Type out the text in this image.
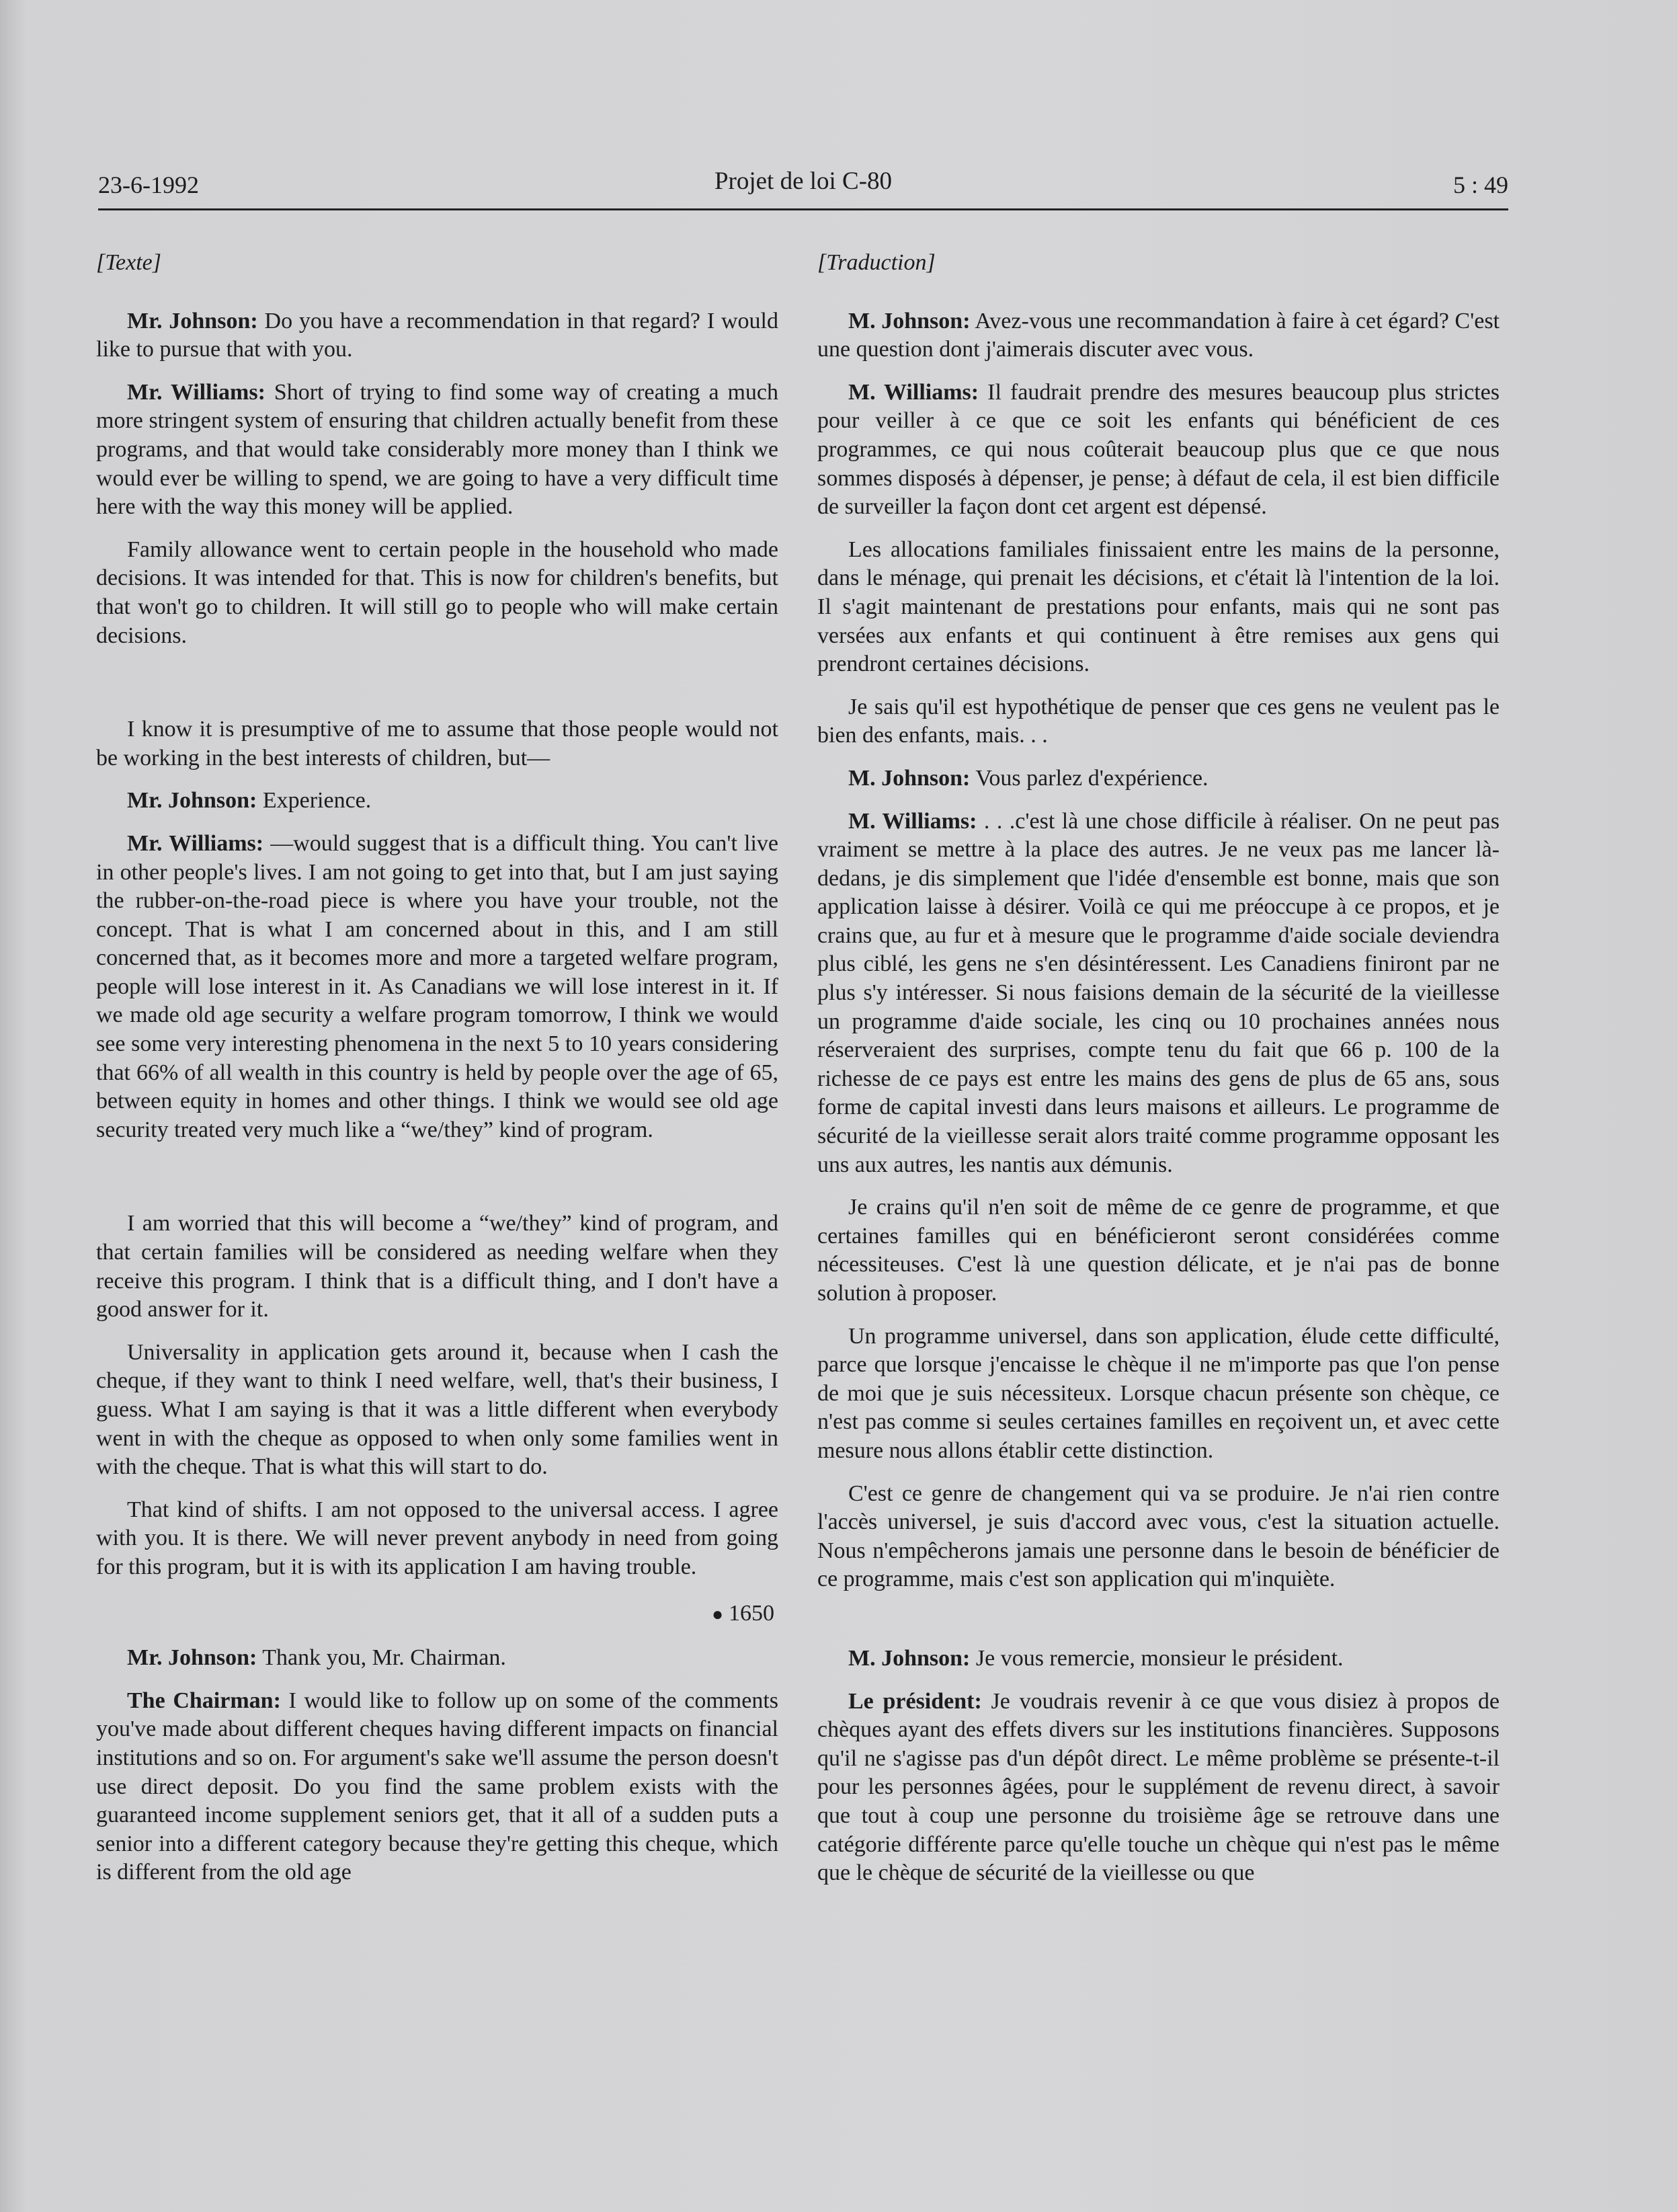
23-6-1992	Projet de loi C-80	5 : 49
[Texte]

Mr. Johnson: Do you have a recommendation in that regard? I would like to pursue that with you.

Mr. Williams: Short of trying to find some way of creating a much more stringent system of ensuring that children actually benefit from these programs, and that would take considerably more money than I think we would ever be willing to spend, we are going to have a very difficult time here with the way this money will be applied.

Family allowance went to certain people in the household who made decisions. It was intended for that. This is now for children's benefits, but that won't go to children. It will still go to people who will make certain decisions.

I know it is presumptive of me to assume that those people would not be working in the best interests of children, but—

Mr. Johnson: Experience.

Mr. Williams: —would suggest that is a difficult thing. You can't live in other people's lives. I am not going to get into that, but I am just saying the rubber-on-the-road piece is where you have your trouble, not the concept. That is what I am concerned about in this, and I am still concerned that, as it becomes more and more a targeted welfare program, people will lose interest in it. As Canadians we will lose interest in it. If we made old age security a welfare program tomorrow, I think we would see some very interesting phenomena in the next 5 to 10 years considering that 66% of all wealth in this country is held by people over the age of 65, between equity in homes and other things. I think we would see old age security treated very much like a “we/they” kind of program.

I am worried that this will become a “we/they” kind of program, and that certain families will be considered as needing welfare when they receive this program. I think that is a difficult thing, and I don't have a good answer for it.

Universality in application gets around it, because when I cash the cheque, if they want to think I need welfare, well, that's their business, I guess. What I am saying is that it was a little different when everybody went in with the cheque as opposed to when only some families went in with the cheque. That is what this will start to do.

That kind of shifts. I am not opposed to the universal access. I agree with you. It is there. We will never prevent anybody in need from going for this program, but it is with its application I am having trouble.

● 1650

Mr. Johnson: Thank you, Mr. Chairman.

The Chairman: I would like to follow up on some of the comments you've made about different cheques having different impacts on financial institutions and so on. For argument's sake we'll assume the person doesn't use direct deposit. Do you find the same problem exists with the guaranteed income supplement seniors get, that it all of a sudden puts a senior into a different category because they're getting this cheque, which is different from the old age

[Traduction]

M. Johnson: Avez-vous une recommandation à faire à cet égard? C'est une question dont j'aimerais discuter avec vous.

M. Williams: Il faudrait prendre des mesures beaucoup plus strictes pour veiller à ce que ce soit les enfants qui bénéficient de ces programmes, ce qui nous coûterait beaucoup plus que ce que nous sommes disposés à dépenser, je pense; à défaut de cela, il est bien difficile de surveiller la façon dont cet argent est dépensé.

Les allocations familiales finissaient entre les mains de la personne, dans le ménage, qui prenait les décisions, et c'était là l'intention de la loi. Il s'agit maintenant de prestations pour enfants, mais qui ne sont pas versées aux enfants et qui continuent à être remises aux gens qui prendront certaines décisions.

Je sais qu'il est hypothétique de penser que ces gens ne veulent pas le bien des enfants, mais. . .

M. Johnson: Vous parlez d'expérience.

M. Williams: . . .c'est là une chose difficile à réaliser. On ne peut pas vraiment se mettre à la place des autres. Je ne veux pas me lancer là-dedans, je dis simplement que l'idée d'ensemble est bonne, mais que son application laisse à désirer. Voilà ce qui me préoccupe à ce propos, et je crains que, au fur et à mesure que le programme d'aide sociale deviendra plus ciblé, les gens ne s'en désintéressent. Les Canadiens finiront par ne plus s'y intéresser. Si nous faisions demain de la sécurité de la vieillesse un programme d'aide sociale, les cinq ou 10 prochaines années nous réserveraient des surprises, compte tenu du fait que 66 p. 100 de la richesse de ce pays est entre les mains des gens de plus de 65 ans, sous forme de capital investi dans leurs maisons et ailleurs. Le programme de sécurité de la vieillesse serait alors traité comme programme opposant les uns aux autres, les nantis aux démunis.

Je crains qu'il n'en soit de même de ce genre de programme, et que certaines familles qui en bénéficieront seront considérées comme nécessiteuses. C'est là une question délicate, et je n'ai pas de bonne solution à proposer.

Un programme universel, dans son application, élude cette difficulté, parce que lorsque j'encaisse le chèque il ne m'importe pas que l'on pense de moi que je suis nécessiteux. Lorsque chacun présente son chèque, ce n'est pas comme si seules certaines familles en reçoivent un, et avec cette mesure nous allons établir cette distinction.

C'est ce genre de changement qui va se produire. Je n'ai rien contre l'accès universel, je suis d'accord avec vous, c'est la situation actuelle. Nous n'empêcherons jamais une personne dans le besoin de bénéficier de ce programme, mais c'est son application qui m'inquiète.

M. Johnson: Je vous remercie, monsieur le président.

Le président: Je voudrais revenir à ce que vous disiez à propos de chèques ayant des effets divers sur les institutions financières. Supposons qu'il ne s'agisse pas d'un dépôt direct. Le même problème se présente-t-il pour les personnes âgées, pour le supplément de revenu direct, à savoir que tout à coup une personne du troisième âge se retrouve dans une catégorie différente parce qu'elle touche un chèque qui n'est pas le même que le chèque de sécurité de la vieillesse ou que
